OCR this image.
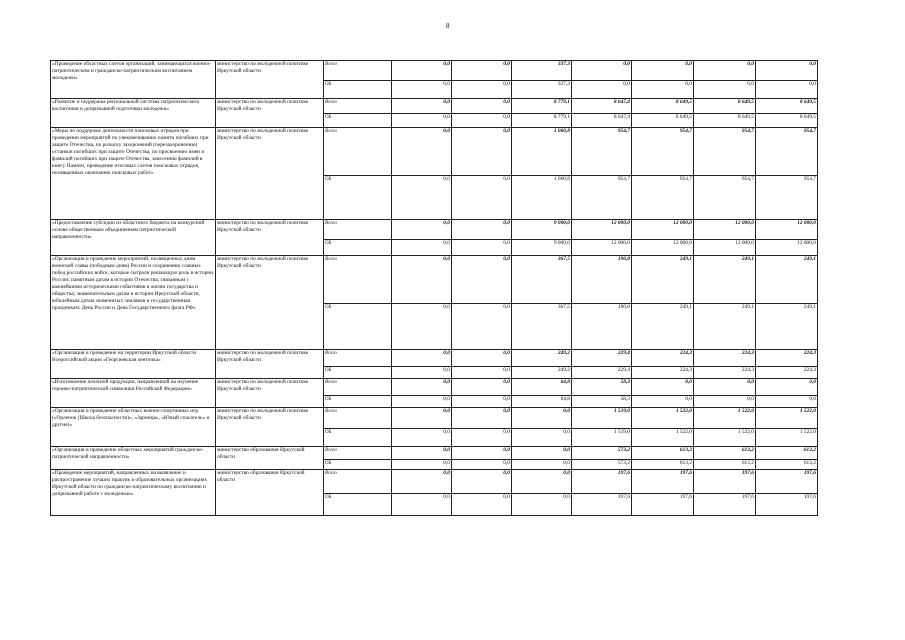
8
«Проведение областных слетов организаций, занимающихся военно-патриотическим и гражданско-патриотическим воспитанием молодежи»	министерство по молодежной политике Иркутской области	Всего	0,0	0,0	337,3	0,0	0,0	0,0	0,0
		ОБ	0,0	0,0	337,3	0,0	0,0	0,0	0,0
«Развитие и поддержка региональной системы патриотического воспитания и допризывной подготовки молодежи»	министерство по молодежной политике Иркутской области	Всего	0,0	0,0	8 779,1	8 647,4	8 649,5	8 649,5	8 649,5
		ОБ	0,0	0,0	8 779,1	8 647,4	8 649,5	8 649,5	8 649,5
«Меры по поддержке деятельности поисковых отрядов при проведении мероприятий по увековечиванию памяти погибших при защите Отечества, по розыску захоронений (перезахоронению) останков погибших при защите Отечества, по присвоению имен и фамилий погибших при защите Отечества, занесению фамилий в книгу Памяти, проведение итоговых слетов поисковых отрядов, посвященных окончанию поисковых работ»	министерство по молодежной политике Иркутской области	Всего	0,0	0,0	1 060,8	954,7	954,7	954,7	954,7
		ОБ	0,0	0,0	1 060,8	954,7	954,7	954,7	954,7
«Предоставление субсидии из областного бюджета на конкурсной основе общественным объединениям патриотической направленности»	министерство по молодежной политике Иркутской области	Всего	0,0	0,0	9 000,0	12 000,0	12 000,0	12 000,0	12 000,0
		ОБ	0,0	0,0	9 000,0	12 000,0	12 000,0	12 000,0	12 000,0
«Организация и проведение мероприятий, посвященных дням воинской славы (победным дням) России и сохранению славных побед российских войск, которые сыграли решающую роль в истории России; памятным датам в истории Отечества, связанным с важнейшими историческими событиями в жизни государства и общества; знаменательным датам в истории Иркутской области, юбилейным датам знаменитых земляков и государственным праздникам: День России и День Государственного флага РФ»	министерство по молодежной политике Иркутской области	Всего	0,0	0,0	367,5	190,8	249,1	249,1	249,1
		ОБ	0,0	0,0	367,5	190,8	249,1	249,1	249,1
«Организация и проведение на территории Иркутской области Всероссийской акции «Георгиевская ленточка»	министерство по молодежной политике Иркутской области	Всего	0,0	0,0	249,2	229,4	224,3	224,3	224,3
		ОБ	0,0	0,0	249,2	229,4	224,3	224,3	224,3
«Изготовление печатной продукции, направленной на изучение героико-патриотической символики Российской Федерации»	министерство по молодежной политике Иркутской области	Всего	0,0	0,0	64,8	58,3	0,0	0,0	0,0
		ОБ	0,0	0,0	64,8	58,3	0,0	0,0	0,0
«Организация и проведение областных военно-спортивных игр («Орленок (Школа безопасности)», «Зарница», «Юный спасатель» и другие)»	министерство по молодежной политике Иркутской области	Всего	0,0	0,0	0,0	1 519,0	1 522,0	1 522,0	1 522,0
		ОБ	0,0	0,0	0,0	1 519,0	1 522,0	1 522,0	1 522,0
«Организация и проведение областных мероприятий гражданско-патриотической направленности»	министерство образования Иркутской области	Всего	0,0	0,0	0,0	573,2	613,2	613,2	613,2
		ОБ	0,0	0,0	0,0	573,2	613,2	613,2	613,2
«Проведение мероприятий, направленных на выявление и распространение лучших практик в образовательных организациях Иркутской области по гражданско-патриотическому воспитанию и допризывной работе с молодежью»	министерство образования Иркутской области	Всего	0,0	0,0	0,0	197,6	197,6	197,6	197,6
		ОБ	0,0	0,0	0,0	197,6	197,6	197,6	197,6
